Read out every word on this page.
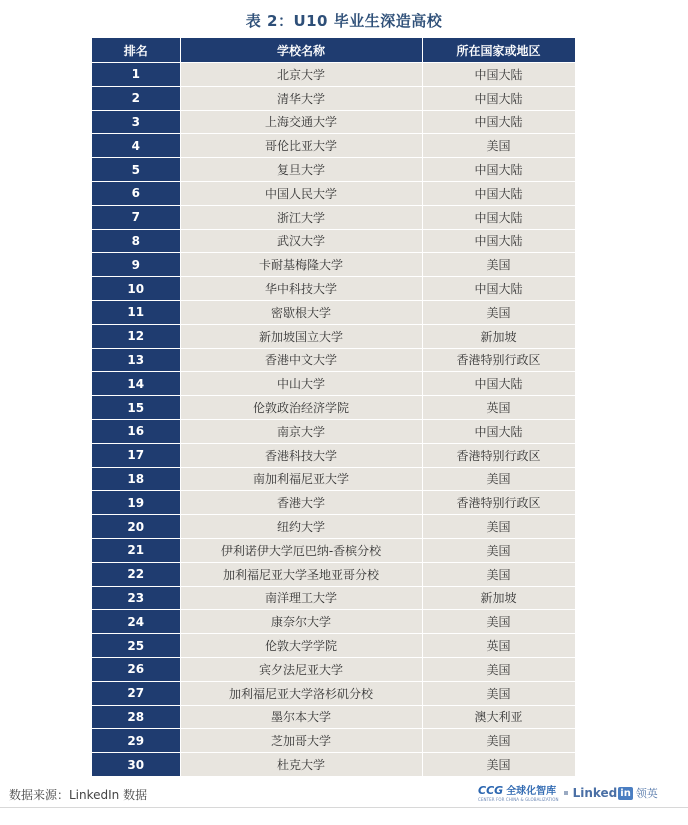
表 2：U10 毕业生深造高校
排名	学校名称	所在国家或地区
1	北京大学	中国大陆
2	清华大学	中国大陆
3	上海交通大学	中国大陆
4	哥伦比亚大学	美国
5	复旦大学	中国大陆
6	中国人民大学	中国大陆
7	浙江大学	中国大陆
8	武汉大学	中国大陆
9	卡耐基梅隆大学	美国
10	华中科技大学	中国大陆
11	密歇根大学	美国
12	新加坡国立大学	新加坡
13	香港中文大学	香港特别行政区
14	中山大学	中国大陆
15	伦敦政治经济学院	英国
16	南京大学	中国大陆
17	香港科技大学	香港特别行政区
18	南加利福尼亚大学	美国
19	香港大学	香港特别行政区
20	纽约大学	美国
21	伊利诺伊大学厄巴纳-香槟分校	美国
22	加利福尼亚大学圣地亚哥分校	美国
23	南洋理工大学	新加坡
24	康奈尔大学	美国
25	伦敦大学学院	英国
26	宾夕法尼亚大学	美国
27	加利福尼亚大学洛杉矶分校	美国
28	墨尔本大学	澳大利亚
29	芝加哥大学	美国
30	杜克大学	美国
数据来源：LinkedIn 数据	CCG 全球化智库
CENTER FOR CHINA & GLOBALIZATION Linked in 领英
